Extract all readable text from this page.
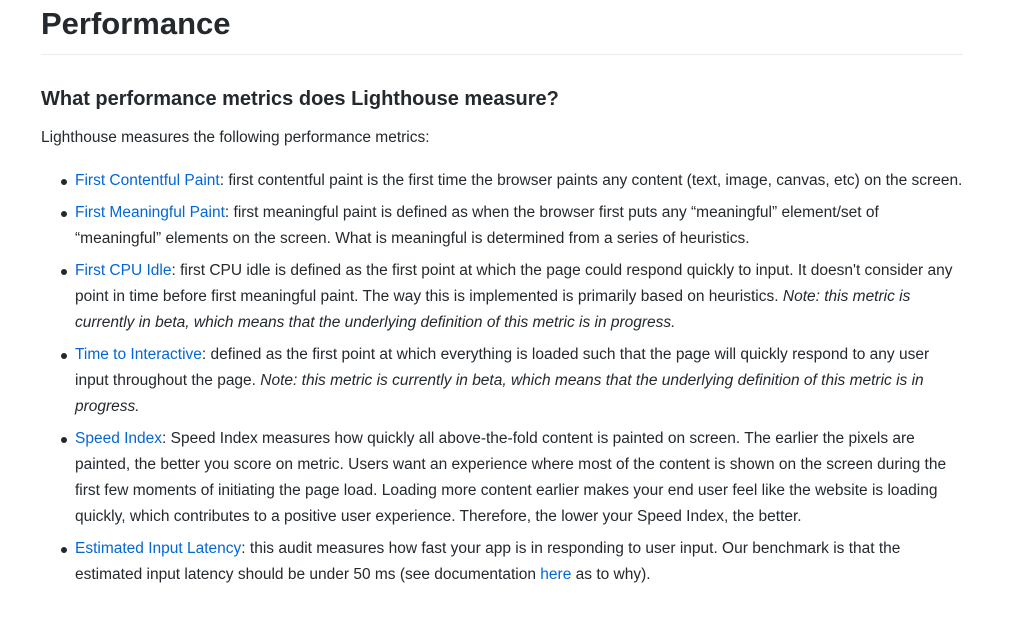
Performance
What performance metrics does Lighthouse measure?

Lighthouse measures the following performance metrics:

First Contentful Paint: first contentful paint is the first time the browser paints any content (text, image, canvas, etc) on the screen.
First Meaningful Paint: first meaningful paint is defined as when the browser first puts any “meaningful” element/set of “meaningful” elements on the screen. What is meaningful is determined from a series of heuristics.
First CPU Idle: first CPU idle is defined as the first point at which the page could respond quickly to input. It doesn't consider any point in time before first meaningful paint. The way this is implemented is primarily based on heuristics. Note: this metric is currently in beta, which means that the underlying definition of this metric is in progress.
Time to Interactive: defined as the first point at which everything is loaded such that the page will quickly respond to any user input throughout the page. Note: this metric is currently in beta, which means that the underlying definition of this metric is in progress.
Speed Index: Speed Index measures how quickly all above-the-fold content is painted on screen. The earlier the pixels are painted, the better you score on metric. Users want an experience where most of the content is shown on the screen during the first few moments of initiating the page load. Loading more content earlier makes your end user feel like the website is loading quickly, which contributes to a positive user experience. Therefore, the lower your Speed Index, the better.
Estimated Input Latency: this audit measures how fast your app is in responding to user input. Our benchmark is that the estimated input latency should be under 50 ms (see documentation here as to why).
